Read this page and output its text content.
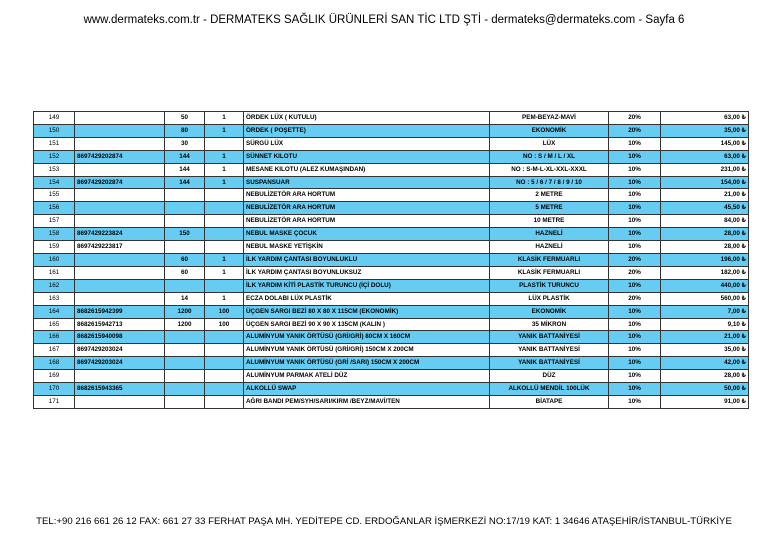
www.dermateks.com.tr - DERMATEKS SAĞLIK ÜRÜNLERİ SAN TİC LTD ŞTİ - dermateks@dermateks.com - Sayfa 6
149		50	1	ÖRDEK LÜX ( KUTULU)	PEM-BEYAZ-MAVİ	20%	63,00 ₺
150		80	1	ÖRDEK ( POŞETTE)	EKONOMİK	20%	35,00 ₺
151		30		SÜRGÜ LÜX	LÜX	10%	145,00 ₺
152	8697429202874	144	1	SÜNNET KILOTU	NO : S / M / L / XL	10%	63,00 ₺
153		144	1	MESANE KILOTU (ALEZ KUMAŞINDAN)	NO : S-M-L-XL-XXL-XXXL	10%	231,00 ₺
154	8697429202874	144	1	SUSPANSUAR	NO : 5 / 6 / 7 / 8 / 9 / 10	10%	154,00 ₺
155				NEBULİZETÖR ARA HORTUM	2 METRE	10%	21,00 ₺
156				NEBULİZETÖR ARA HORTUM	5 METRE	10%	45,50 ₺
157				NEBULİZETÖR ARA HORTUM	10 METRE	10%	84,00 ₺
158	8697429223824	150		NEBUL MASKE ÇOCUK	HAZNELİ	10%	28,00 ₺
159	8697429223817			NEBUL MASKE YETİŞKİN	HAZNELİ	10%	28,00 ₺
160		60	1	İLK YARDIM ÇANTASI BOYUNLUKLU	KLASİK FERMUARLI	20%	196,00 ₺
161		60	1	İLK YARDIM ÇANTASI BOYUNLUKSUZ	KLASİK FERMUARLI	20%	182,00 ₺
162				İLK YARDIM KİTİ PLASTİK TURUNCU (İÇİ DOLU)	PLASTİK TURUNCU	10%	440,00 ₺
163		14	1	ECZA DOLABI LÜX PLASTİK	LÜX PLASTİK	20%	560,00 ₺
164	8682615942399	1200	100	ÜÇGEN SARGI BEZİ 80 X 80 X 115CM (EKONOMİK)	EKONOMİK	10%	7,00 ₺
165	8682615942713	1200	100	ÜÇGEN SARGI BEZİ 90 X 90 X 135CM (KALIN )	35 MİKRON	10%	9,10 ₺
166	8682615940098			ALUMİNYUM YANIK ÖRTÜSÜ (GRİ/GRİ) 80CM X 160CM	YANIK BATTANİYESİ	10%	21,00 ₺
167	8697429203024			ALUMİNYUM YANIK ÖRTÜSÜ (GRİ/GRİ) 150CM X 200CM	YANIK BATTANİYESİ	10%	35,00 ₺
168	8697429203024			ALUMİNYUM YANIK ÖRTÜSÜ (GRİ /SARI) 150CM X 200CM	YANIK BATTANİYESİ	10%	42,00 ₺
169				ALUMİNYUM PARMAK ATELİ DÜZ	DÜZ	10%	28,00 ₺
170	8682615943365			ALKOLLÜ SWAP	ALKOLLÜ MENDİL 100LÜK	10%	50,00 ₺
171				AĞRI BANDI PEM/SYH/SARI/KIRM /BEYZ/MAVİ/TEN	BİATAPE	10%	91,00 ₺
TEL:+90 216 661 26 12 FAX: 661 27 33 FERHAT PAŞA MH. YEDİTEPE CD. ERDOĞANLAR İŞMERKEZİ NO:17/19 KAT: 1 34646 ATAŞEHİR/İSTANBUL-TÜRKİYE
